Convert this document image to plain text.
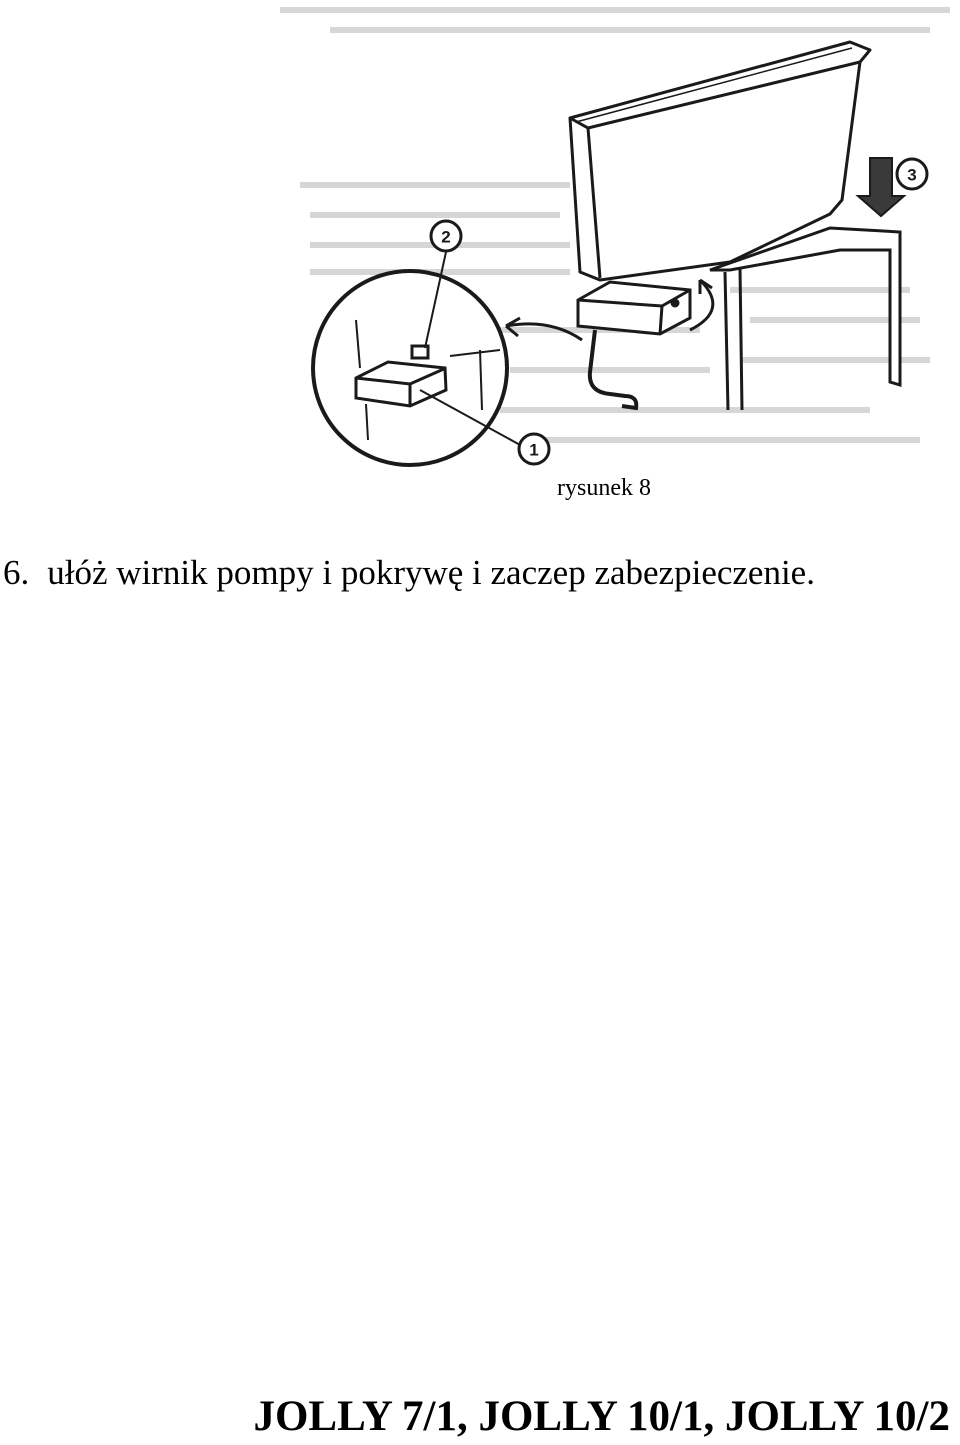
2
1
3
rysunek 8
6. ułóż wirnik pompy i pokrywę i zaczep zabezpieczenie.
JOLLY 7/1, JOLLY 10/1, JOLLY 10/2
